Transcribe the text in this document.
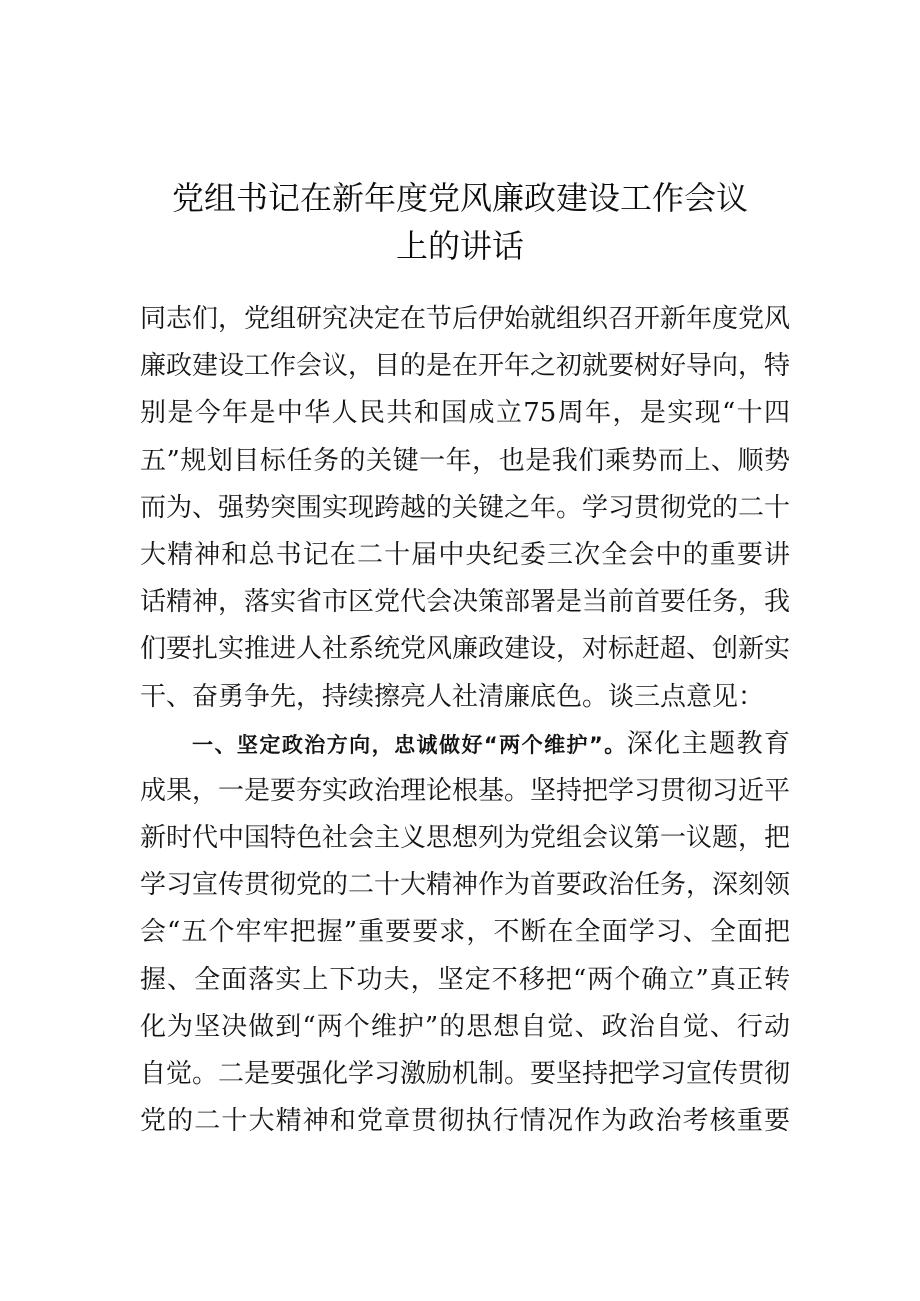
党组书记在新年度党风廉政建设工作会议
上的讲话
同志们，党组研究决定在节后伊始就组织召开新年度党风
廉政建设工作会议，目的是在开年之初就要树好导向，特
别是今年是中华人民共和国成立75周年，是实现“十四
五”规划目标任务的关键一年，也是我们乘势而上、顺势
而为、强势突围实现跨越的关键之年。学习贯彻党的二十
大精神和总书记在二十届中央纪委三次全会中的重要讲
话精神，落实省市区党代会决策部署是当前首要任务，我
们要扎实推进人社系统党风廉政建设，对标赶超、创新实
干、奋勇争先，持续擦亮人社清廉底色。谈三点意见：
一、坚定政治方向，忠诚做好“两个维护”。深化主题教育
成果，一是要夯实政治理论根基。坚持把学习贯彻习近平
新时代中国特色社会主义思想列为党组会议第一议题，把
学习宣传贯彻党的二十大精神作为首要政治任务，深刻领
会“五个牢牢把握”重要要求，不断在全面学习、全面把
握、全面落实上下功夫，坚定不移把“两个确立”真正转
化为坚决做到“两个维护”的思想自觉、政治自觉、行动
自觉。二是要强化学习激励机制。要坚持把学习宣传贯彻
党的二十大精神和党章贯彻执行情况作为政治考核重要
